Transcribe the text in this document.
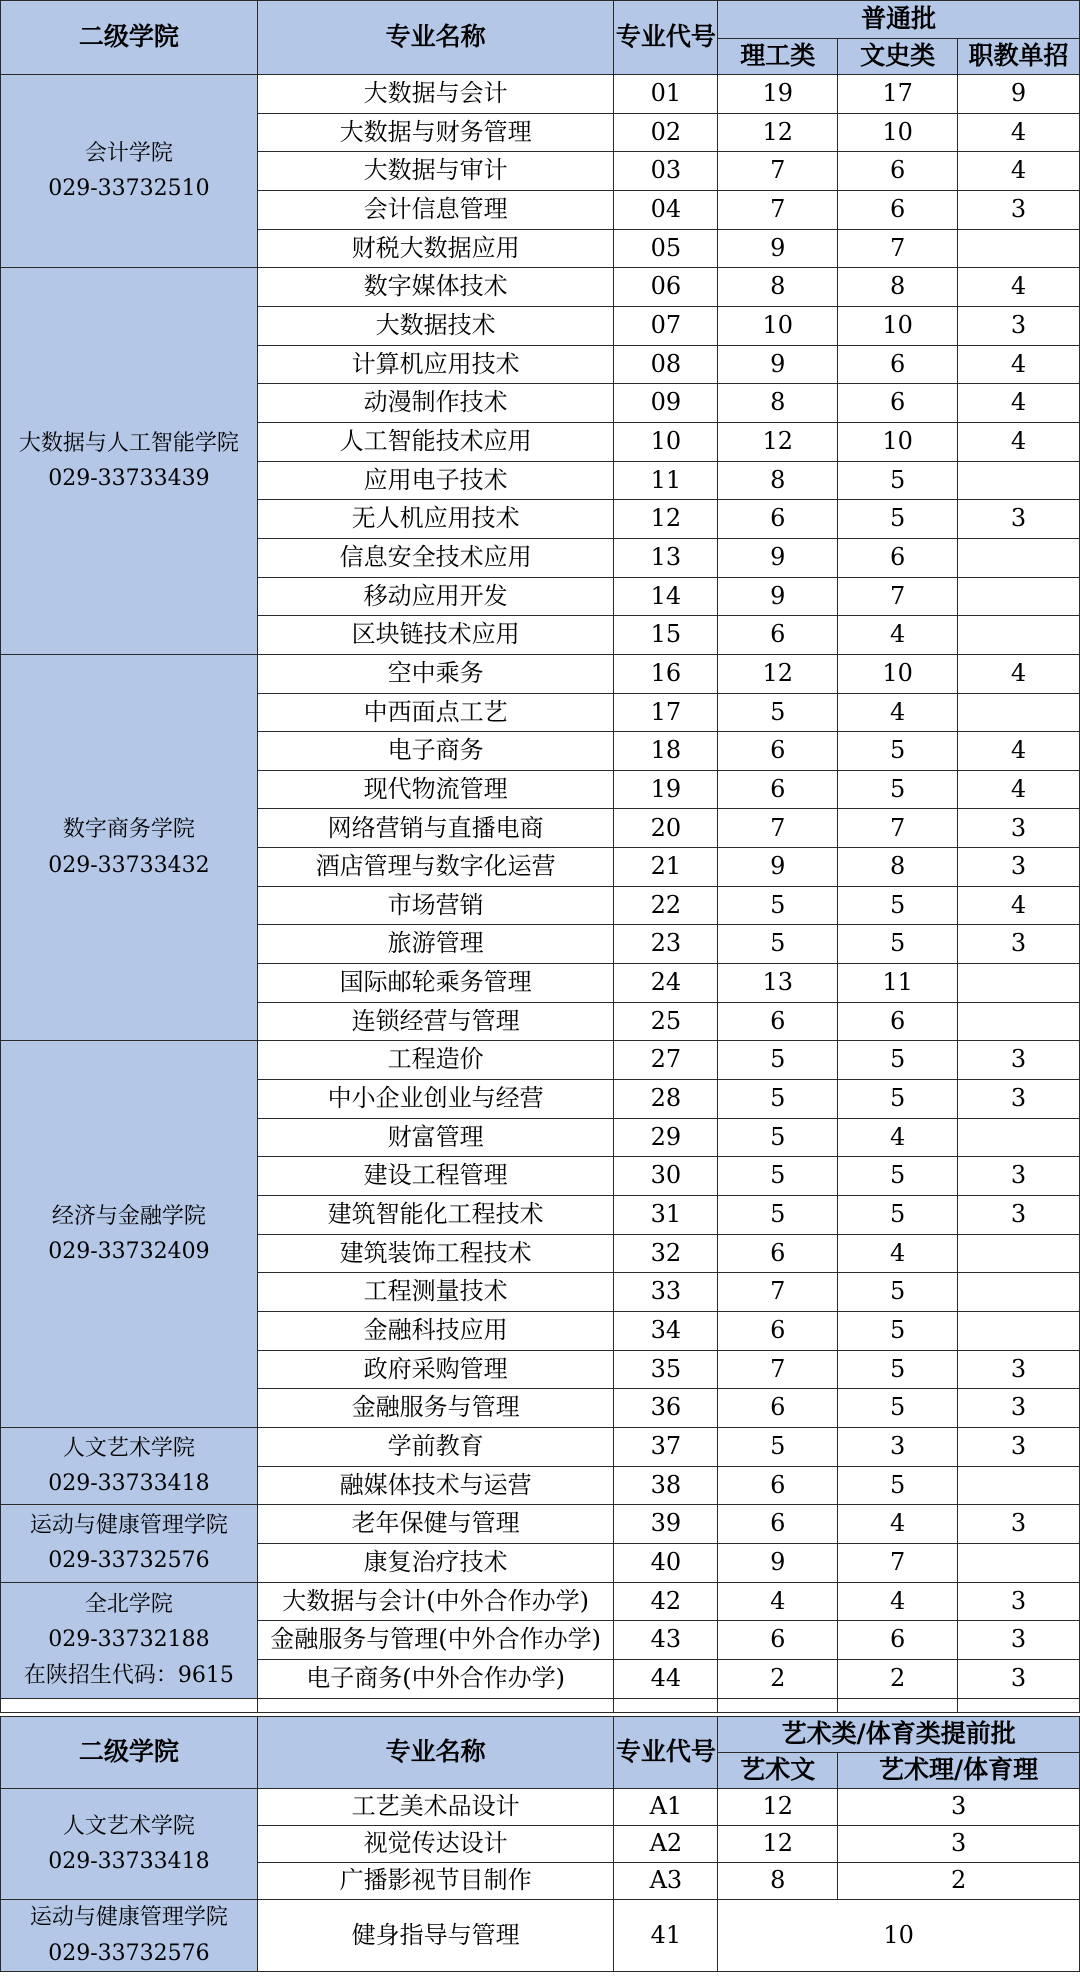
二级学院	专业名称	专业代号	普通批		
			理工类	文史类	职教单招

会计学院
029-33732510	大数据与会计	01	19	17	9
	大数据与财务管理	02	12	10	4
	大数据与审计	03	7	6	4
	会计信息管理	04	7	6	3
	财税大数据应用	05	9	7	

大数据与人工智能学院
029-33733439	数字媒体技术	06	8	8	4
	大数据技术	07	10	10	3
	计算机应用技术	08	9	6	4
	动漫制作技术	09	8	6	4
	人工智能技术应用	10	12	10	4
	应用电子技术	11	8	5	
	无人机应用技术	12	6	5	3
	信息安全技术应用	13	9	6	
	移动应用开发	14	9	7	
	区块链技术应用	15	6	4	

数字商务学院
029-33733432	空中乘务	16	12	10	4
	中西面点工艺	17	5	4	
	电子商务	18	6	5	4
	现代物流管理	19	6	5	4
	网络营销与直播电商	20	7	7	3
	酒店管理与数字化运营	21	9	8	3
	市场营销	22	5	5	4
	旅游管理	23	5	5	3
	国际邮轮乘务管理	24	13	11	
	连锁经营与管理	25	6	6	

经济与金融学院
029-33732409	工程造价	27	5	5	3
	中小企业创业与经营	28	5	5	3
	财富管理	29	5	4	
	建设工程管理	30	5	5	3
	建筑智能化工程技术	31	5	5	3
	建筑装饰工程技术	32	6	4	
	工程测量技术	33	7	5	
	金融科技应用	34	6	5	
	政府采购管理	35	7	5	3
	金融服务与管理	36	6	5	3

人文艺术学院
029-33733418	学前教育	37	5	3	3
	融媒体技术与运营	38	6	5	

运动与健康管理学院
029-33732576	老年保健与管理	39	6	4	3
	康复治疗技术	40	9	7	

全北学院
029-33732188
在陕招生代码：9615	大数据与会计(中外合作办学)	42	4	4	3
	金融服务与管理(中外合作办学)	43	6	6	3
	电子商务(中外合作办学)	44	2	2	3

二级学院	专业名称	专业代号	艺术类/体育类提前批	
			艺术文	艺术理/体育理

人文艺术学院
029-33733418	工艺美术品设计	A1	12	3
	视觉传达设计	A2	12	3
	广播影视节目制作	A3	8	2

运动与健康管理学院
029-33732576	健身指导与管理	41	10	
